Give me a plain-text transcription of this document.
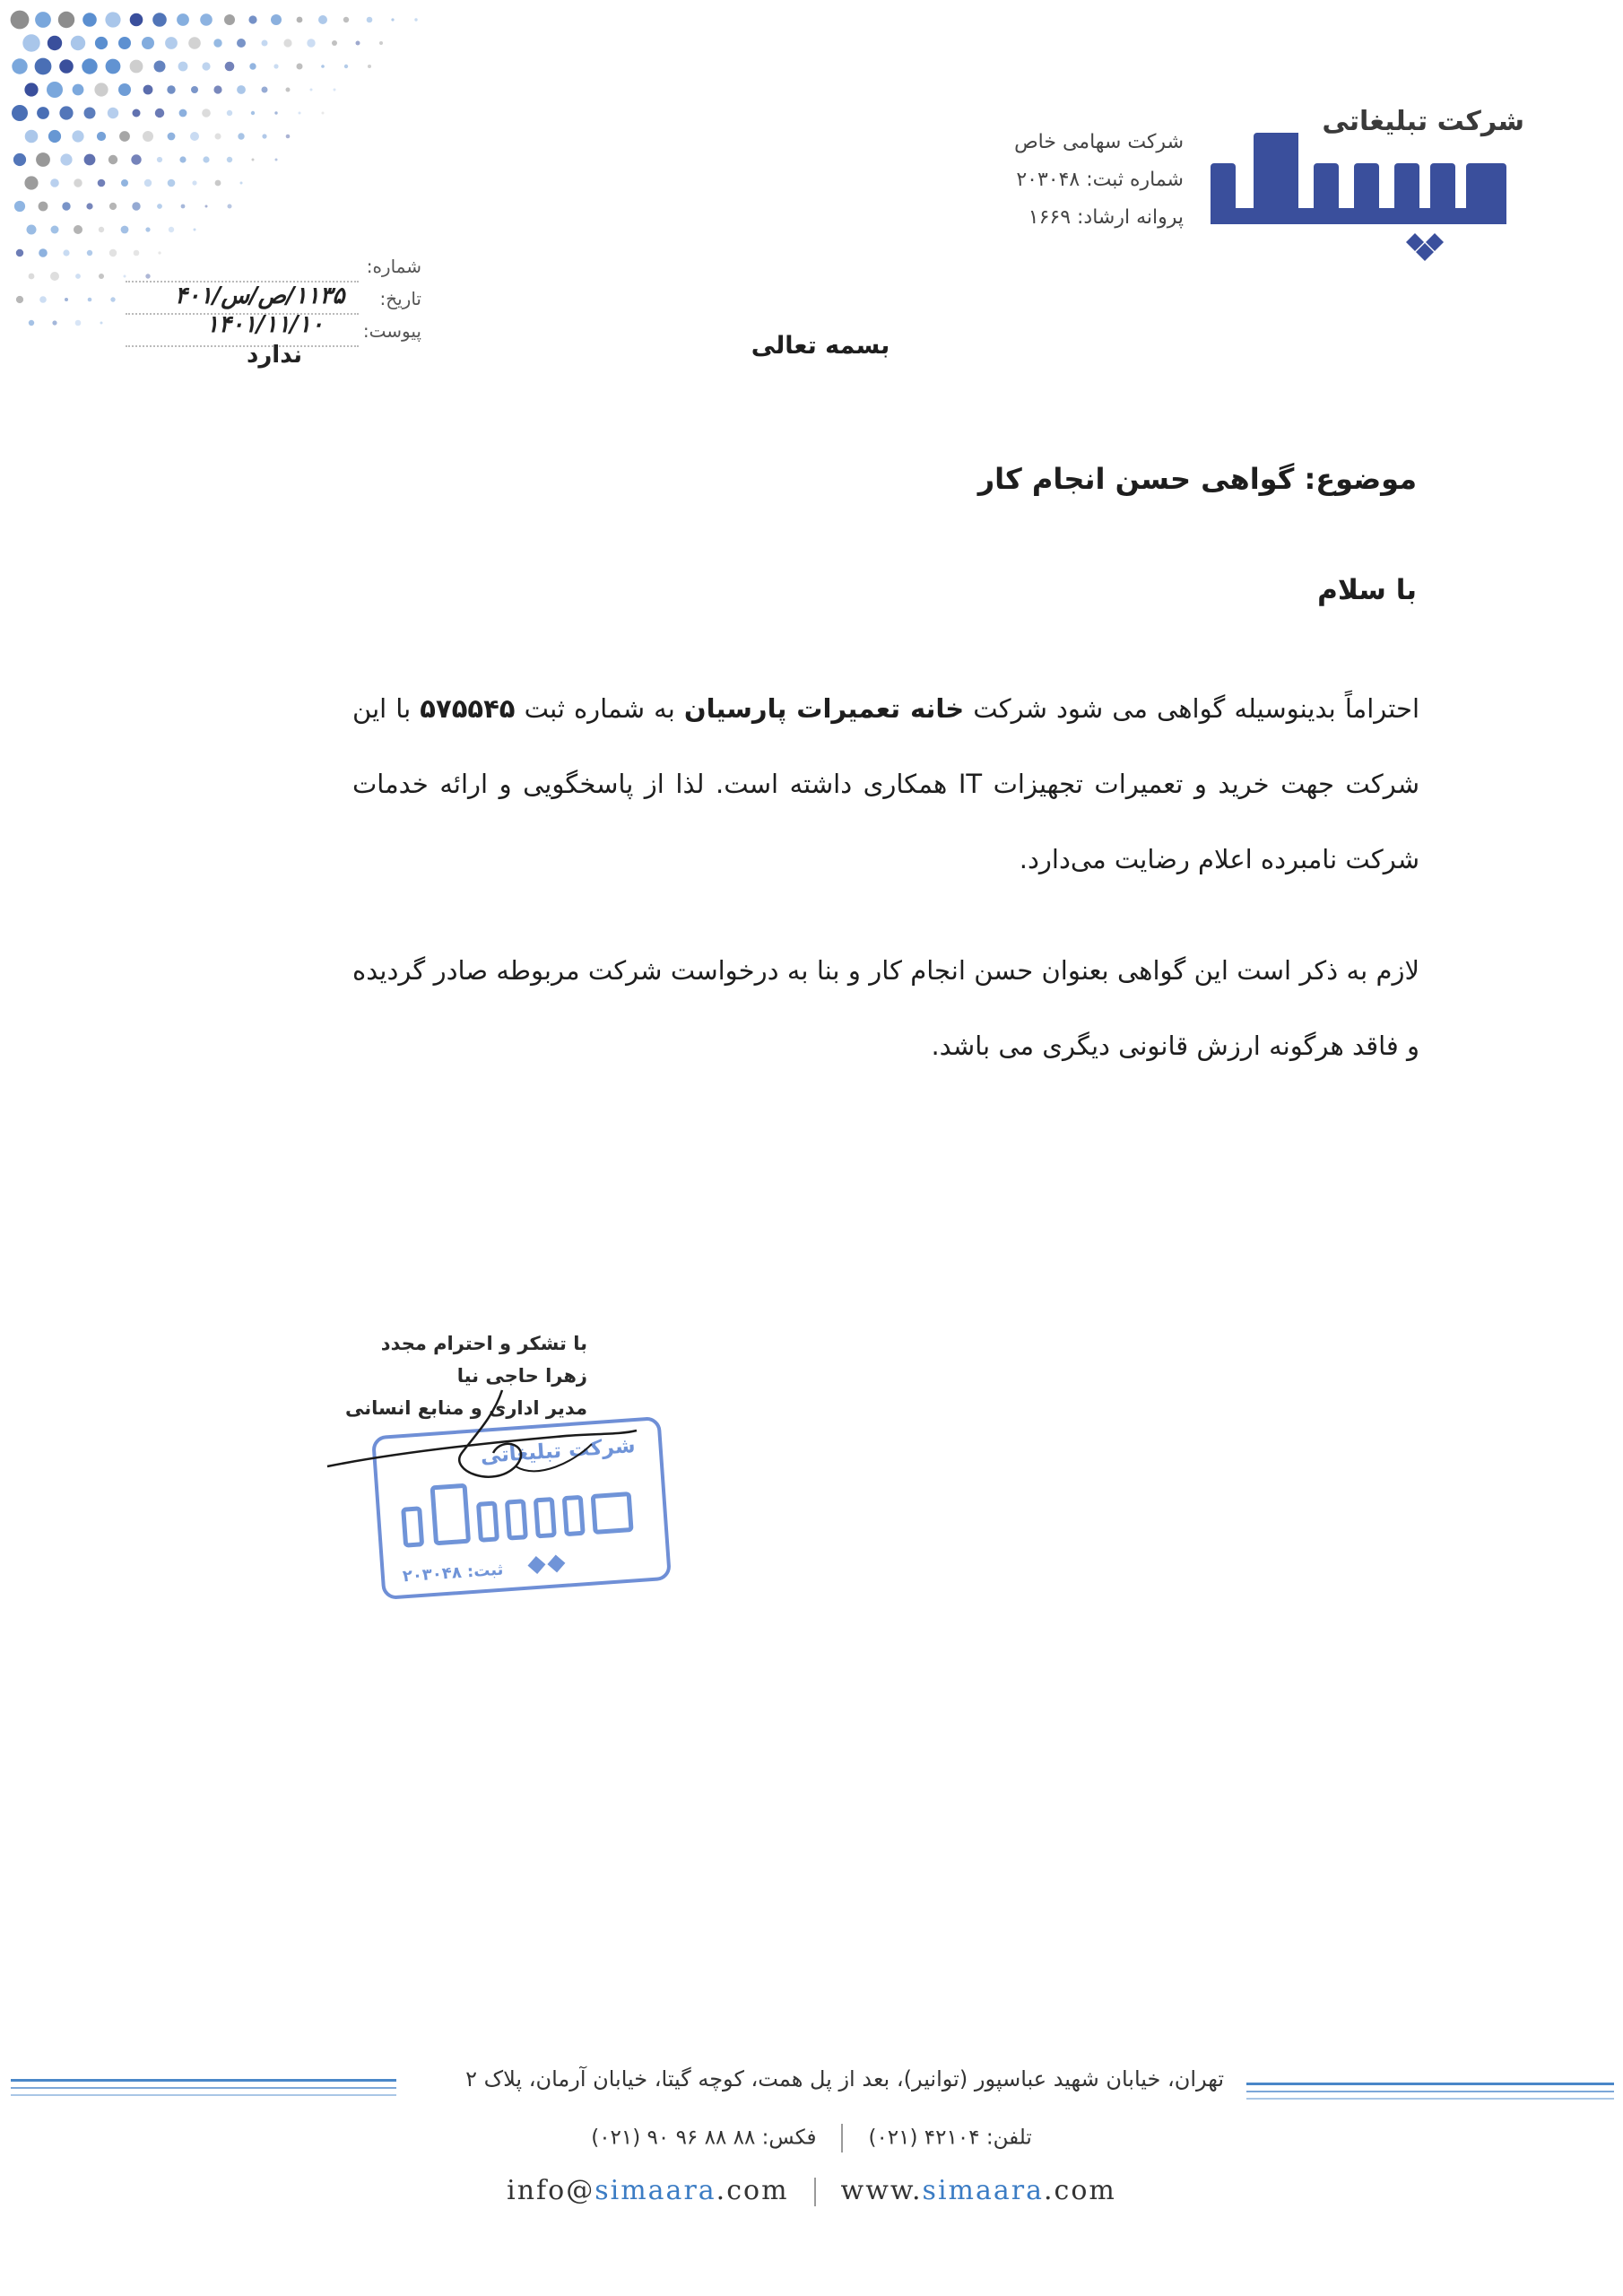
شرکت تبلیغاتی
سیما آرا
شرکت سهامی خاص
شماره ثبت: ۲۰۳۰۴۸
پروانه ارشاد: ۱۶۶۹
شماره:
تاریخ:
۱۱۳۵/ص/س/۴۰۱
پیوست:
۱۴۰۱/۱۱/۱۰
ندارد	بسمه تعالی
موضوع: گواهی حسن انجام کار
با سلام
احتراماً بدینوسیله گواهی می شود شرکت خانه تعمیرات پارسیان به شماره ثبت ۵۷۵۵۴۵ با این شرکت جهت خرید و تعمیرات تجهیزات IT همکاری داشته است. لذا از پاسخگویی و ارائه خدمات شرکت نامبرده اعلام رضایت می‌دارد.
لازم به ذکر است این گواهی بعنوان حسن انجام کار و بنا به درخواست شرکت مربوطه صادر گردیده و فاقد هرگونه ارزش قانونی دیگری می باشد.
با تشکر و احترام مجدد
زهرا حاجی نیا
مدیر اداری و منابع انسانی
شرکت تبلیغاتی
سیما آرا
ثبت: ۲۰۳۰۴۸
تهران، خیابان شهید عباسپور (توانیر)، بعد از پل همت، کوچه گیتا، خیابان آرمان، پلاک ۲
تلفن: ۴۲۱۰۴ (۰۲۱)فکس: ۸۸ ۸۸ ۹۶ ۹۰ (۰۲۱)
info@simaara.com www.simaara.com
